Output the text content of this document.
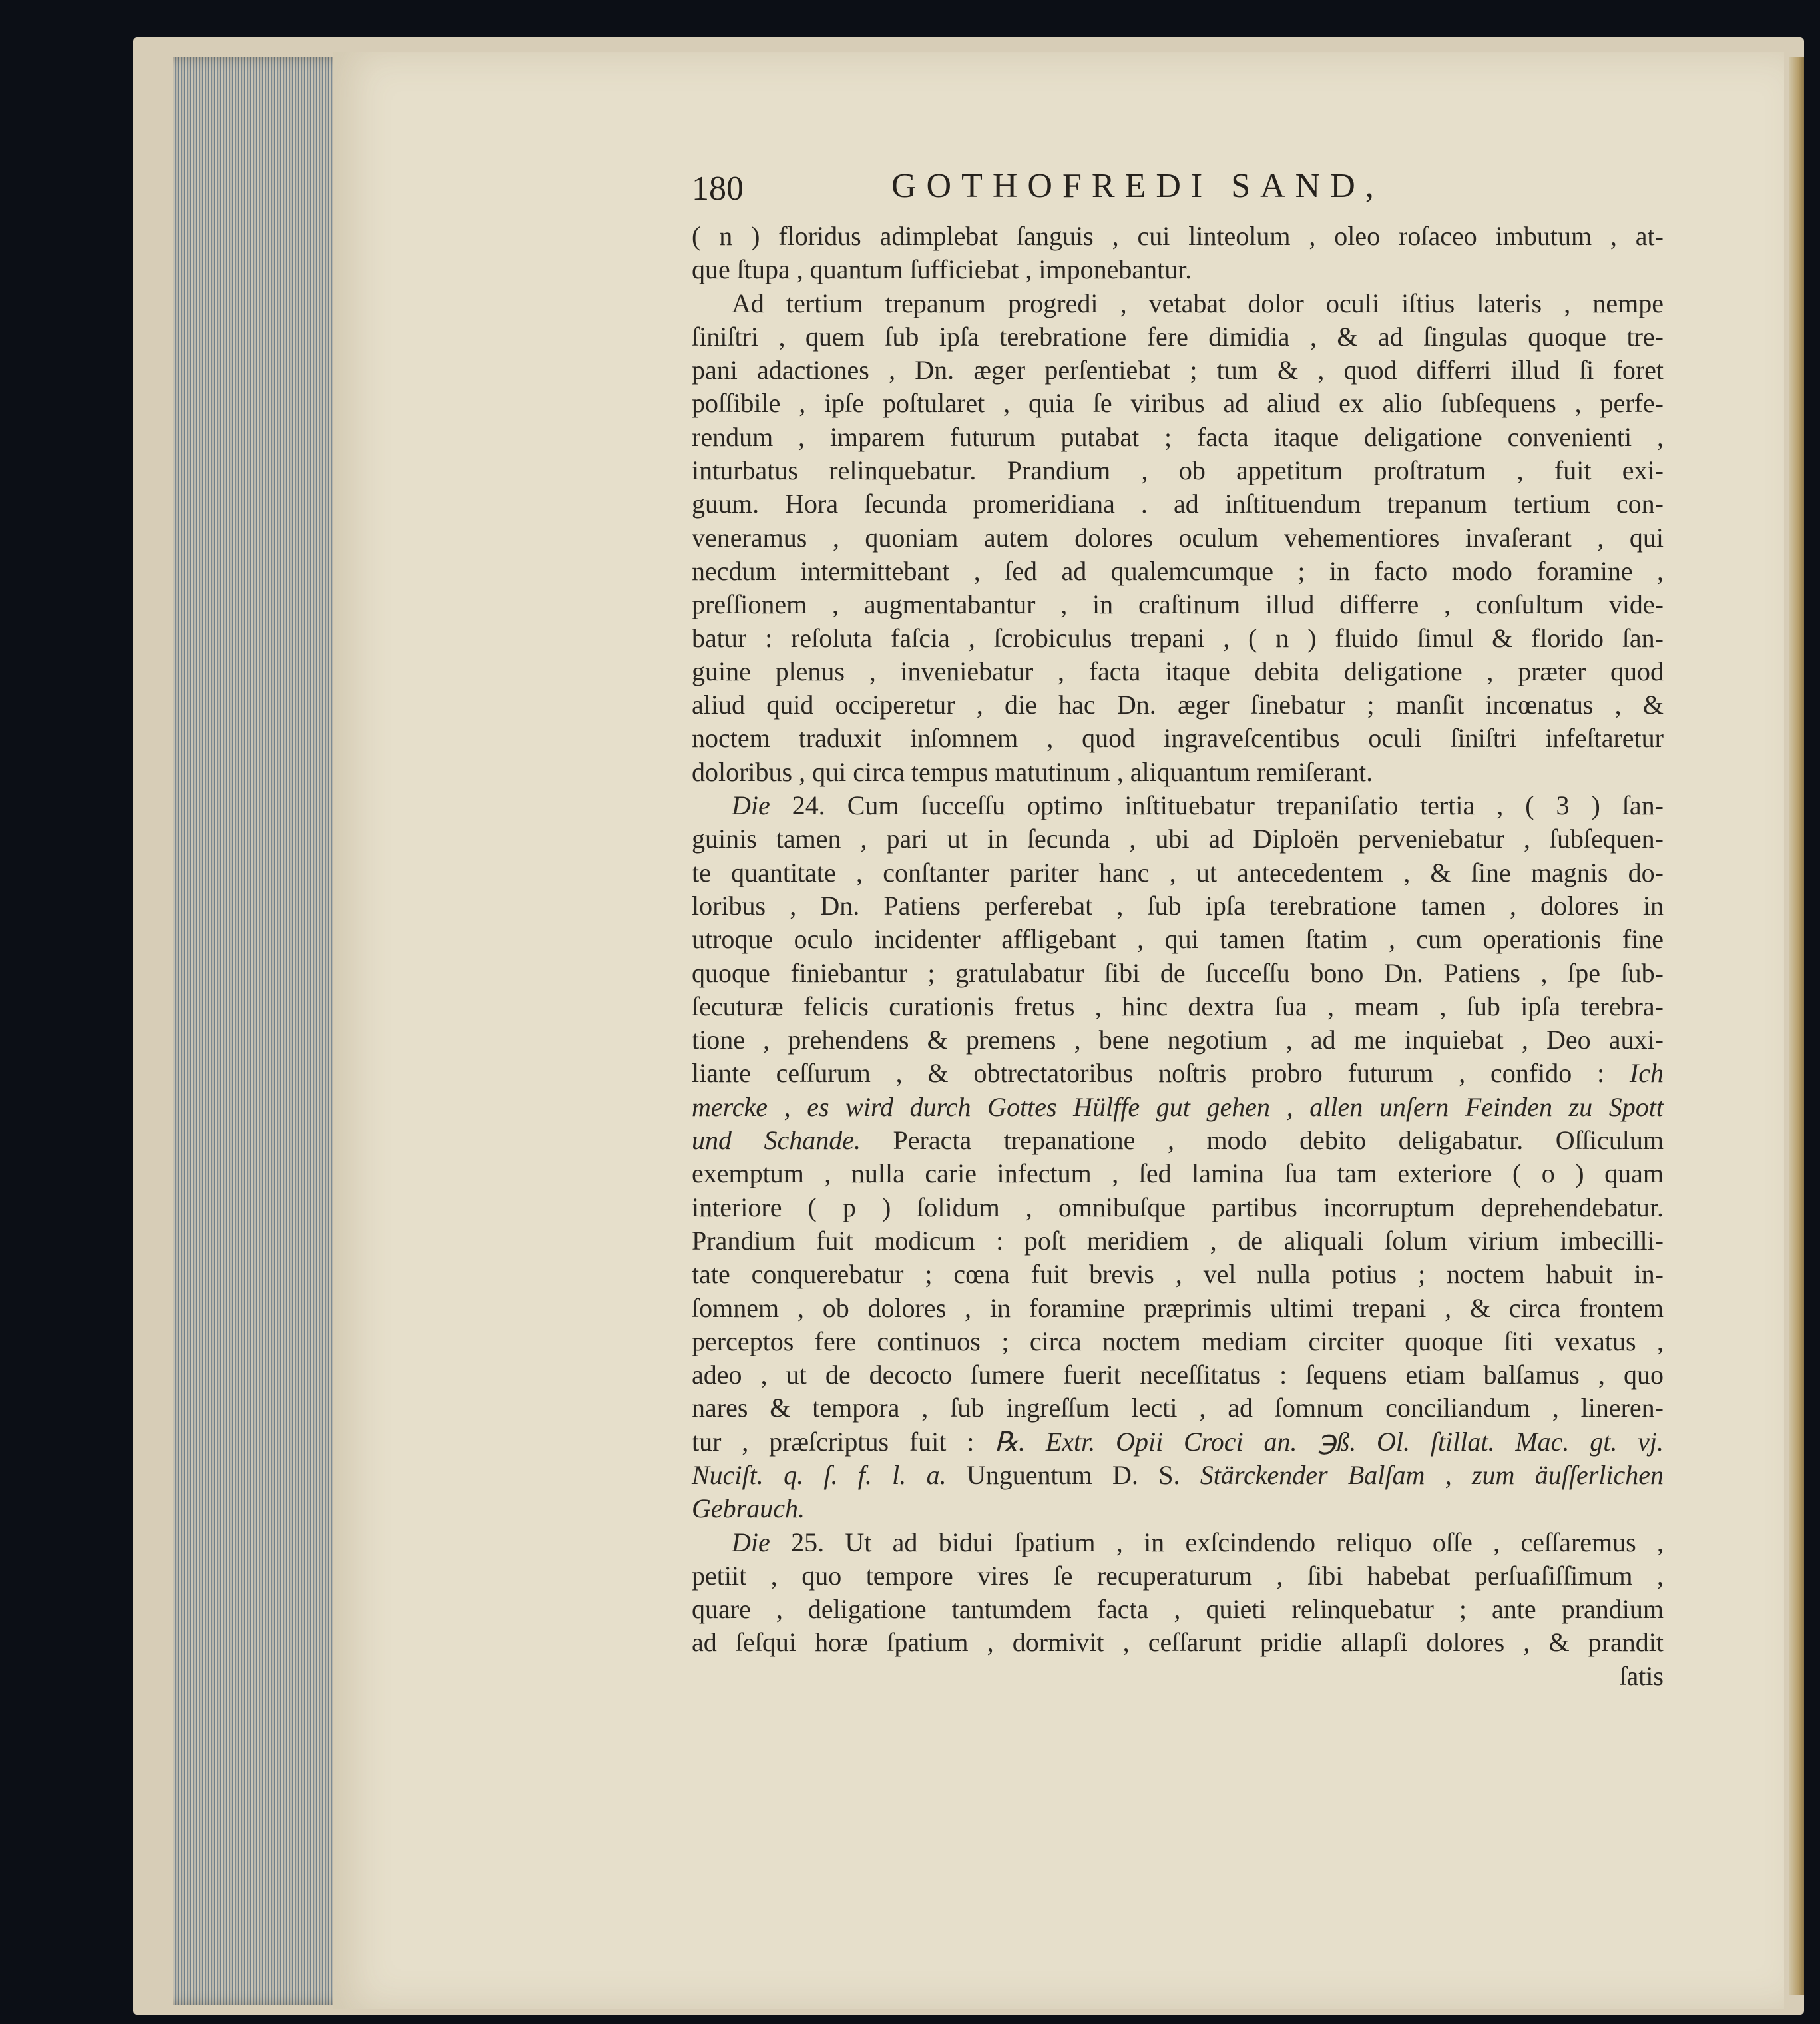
180	GOTHOFREDI SAND,
( n ) floridus adimplebat ſanguis , cui linteolum , oleo roſaceo imbutum , at-
que ſtupa , quantum ſufficiebat , imponebantur.
Ad tertium trepanum progredi , vetabat dolor oculi iſtius lateris , nempe
ſiniſtri , quem ſub ipſa terebratione fere dimidia , & ad ſingulas quoque tre-
pani adactiones , Dn. æger perſentiebat ; tum & , quod differri illud ſi foret
poſſibile , ipſe poſtularet , quia ſe viribus ad aliud ex alio ſubſequens , perfe-
rendum , imparem futurum putabat ; facta itaque deligatione convenienti ,
inturbatus relinquebatur. Prandium , ob appetitum proſtratum , fuit exi-
guum. Hora ſecunda promeridiana . ad inſtituendum trepanum tertium con-
veneramus , quoniam autem dolores oculum vehementiores invaſerant , qui
necdum intermittebant , ſed ad qualemcumque ; in facto modo foramine ,
preſſionem , augmentabantur , in craſtinum illud differre , conſultum vide-
batur : reſoluta faſcia , ſcrobiculus trepani , ( n ) fluido ſimul & florido ſan-
guine plenus , inveniebatur , facta itaque debita deligatione , præter quod
aliud quid occiperetur , die hac Dn. æger ſinebatur ; manſit incœnatus , &
noctem traduxit inſomnem , quod ingraveſcentibus oculi ſiniſtri infeſtaretur
doloribus , qui circa tempus matutinum , aliquantum remiſerant.
Die 24. Cum ſucceſſu optimo inſtituebatur trepaniſatio tertia , ( 3 ) ſan-
guinis tamen , pari ut in ſecunda , ubi ad Diploën perveniebatur , ſubſequen-
te quantitate , conſtanter pariter hanc , ut antecedentem , & ſine magnis do-
loribus , Dn. Patiens perferebat , ſub ipſa terebratione tamen , dolores in
utroque oculo incidenter affligebant , qui tamen ſtatim , cum operationis fine
quoque finiebantur ; gratulabatur ſibi de ſucceſſu bono Dn. Patiens , ſpe ſub-
ſecuturæ felicis curationis fretus , hinc dextra ſua , meam , ſub ipſa terebra-
tione , prehendens & premens , bene negotium , ad me inquiebat , Deo auxi-
liante ceſſurum , & obtrectatoribus noſtris probro futurum , confido : Ich
mercke , es wird durch Gottes Hülffe gut gehen , allen unſern Feinden zu Spott
und Schande. Peracta trepanatione , modo debito deligabatur. Oſſiculum
exemptum , nulla carie infectum , ſed lamina ſua tam exteriore ( o ) quam
interiore ( p ) ſolidum , omnibuſque partibus incorruptum deprehendebatur.
Prandium fuit modicum : poſt meridiem , de aliquali ſolum virium imbecilli-
tate conquerebatur ; cœna fuit brevis , vel nulla potius ; noctem habuit in-
ſomnem , ob dolores , in foramine præprimis ultimi trepani , & circa frontem
perceptos fere continuos ; circa noctem mediam circiter quoque ſiti vexatus ,
adeo , ut de decocto ſumere fuerit neceſſitatus : ſequens etiam balſamus , quo
nares & tempora , ſub ingreſſum lecti , ad ſomnum conciliandum , lineren-
tur , præſcriptus fuit : ℞. Extr. Opii Croci an. ℈ß. Ol. ſtillat. Mac. gt. vj.
Nuciſt. q. ſ. f. l. a. Unguentum D. S. Stärckender Balſam , zum äuſſerlichen
Gebrauch.
Die 25. Ut ad bidui ſpatium , in exſcindendo reliquo oſſe , ceſſaremus ,
petiit , quo tempore vires ſe recuperaturum , ſibi habebat perſuaſiſſimum ,
quare , deligatione tantumdem facta , quieti relinquebatur ; ante prandium
ad ſeſqui horæ ſpatium , dormivit , ceſſarunt pridie allapſi dolores , & prandit
ſatis
